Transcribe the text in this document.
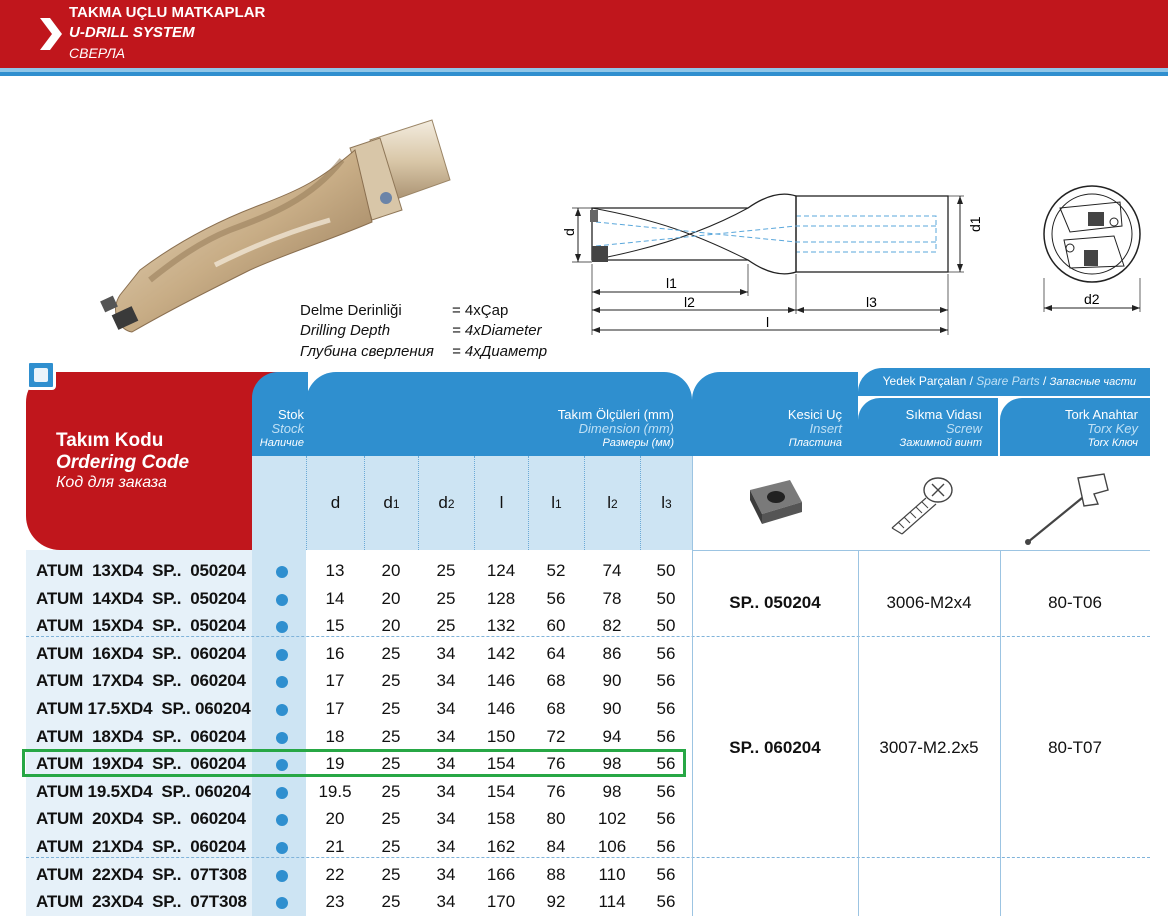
TAKMA UÇLU MATKAPLAR
U-DRILL SYSTEM
СВЕРЛА
d
d1
l1
l2	l3
l
d2
Delme Derinliği
Drilling Depth
Глубина сверления
= 4xÇap
= 4xDiameter
= 4xДиаметр
Takım Kodu
Ordering Code
Код для заказа
Stok
Stock
Наличие
Takım Ölçüleri (mm)
Dimension (mm)
Размеры (мм)
Kesici Uç
Insert
Пластина
Yedek Parçalan / Spare Parts / Запасные части
Sıkma Vidası
Screw
Зажимной винт
Tork Anahtar
Torx Key
Torx Ключ
d	d1	d2	l	l1	l2	l3
ATUM  13XD4  SP..  050204	13	20	25	124	52	74	50
ATUM  14XD4  SP..  050204	14	20	25	128	56	78	50
ATUM  15XD4  SP..  050204	15	20	25	132	60	82	50
ATUM  16XD4  SP..  060204	16	25	34	142	64	86	56
ATUM  17XD4  SP..  060204	17	25	34	146	68	90	56
ATUM 17.5XD4  SP.. 060204	17	25	34	146	68	90	56
ATUM  18XD4  SP..  060204	18	25	34	150	72	94	56
ATUM  19XD4  SP..  060204	19	25	34	154	76	98	56
ATUM 19.5XD4  SP.. 060204	19.5	25	34	154	76	98	56
ATUM  20XD4  SP..  060204	20	25	34	158	80	102	56
ATUM  21XD4  SP..  060204	21	25	34	162	84	106	56
ATUM  22XD4  SP..  07T308	22	25	34	166	88	110	56
ATUM  23XD4  SP..  07T308	23	25	34	170	92	114	56
SP.. 050204	3006-M2x4	80-T06
SP.. 060204	3007-M2.2x5	80-T07
